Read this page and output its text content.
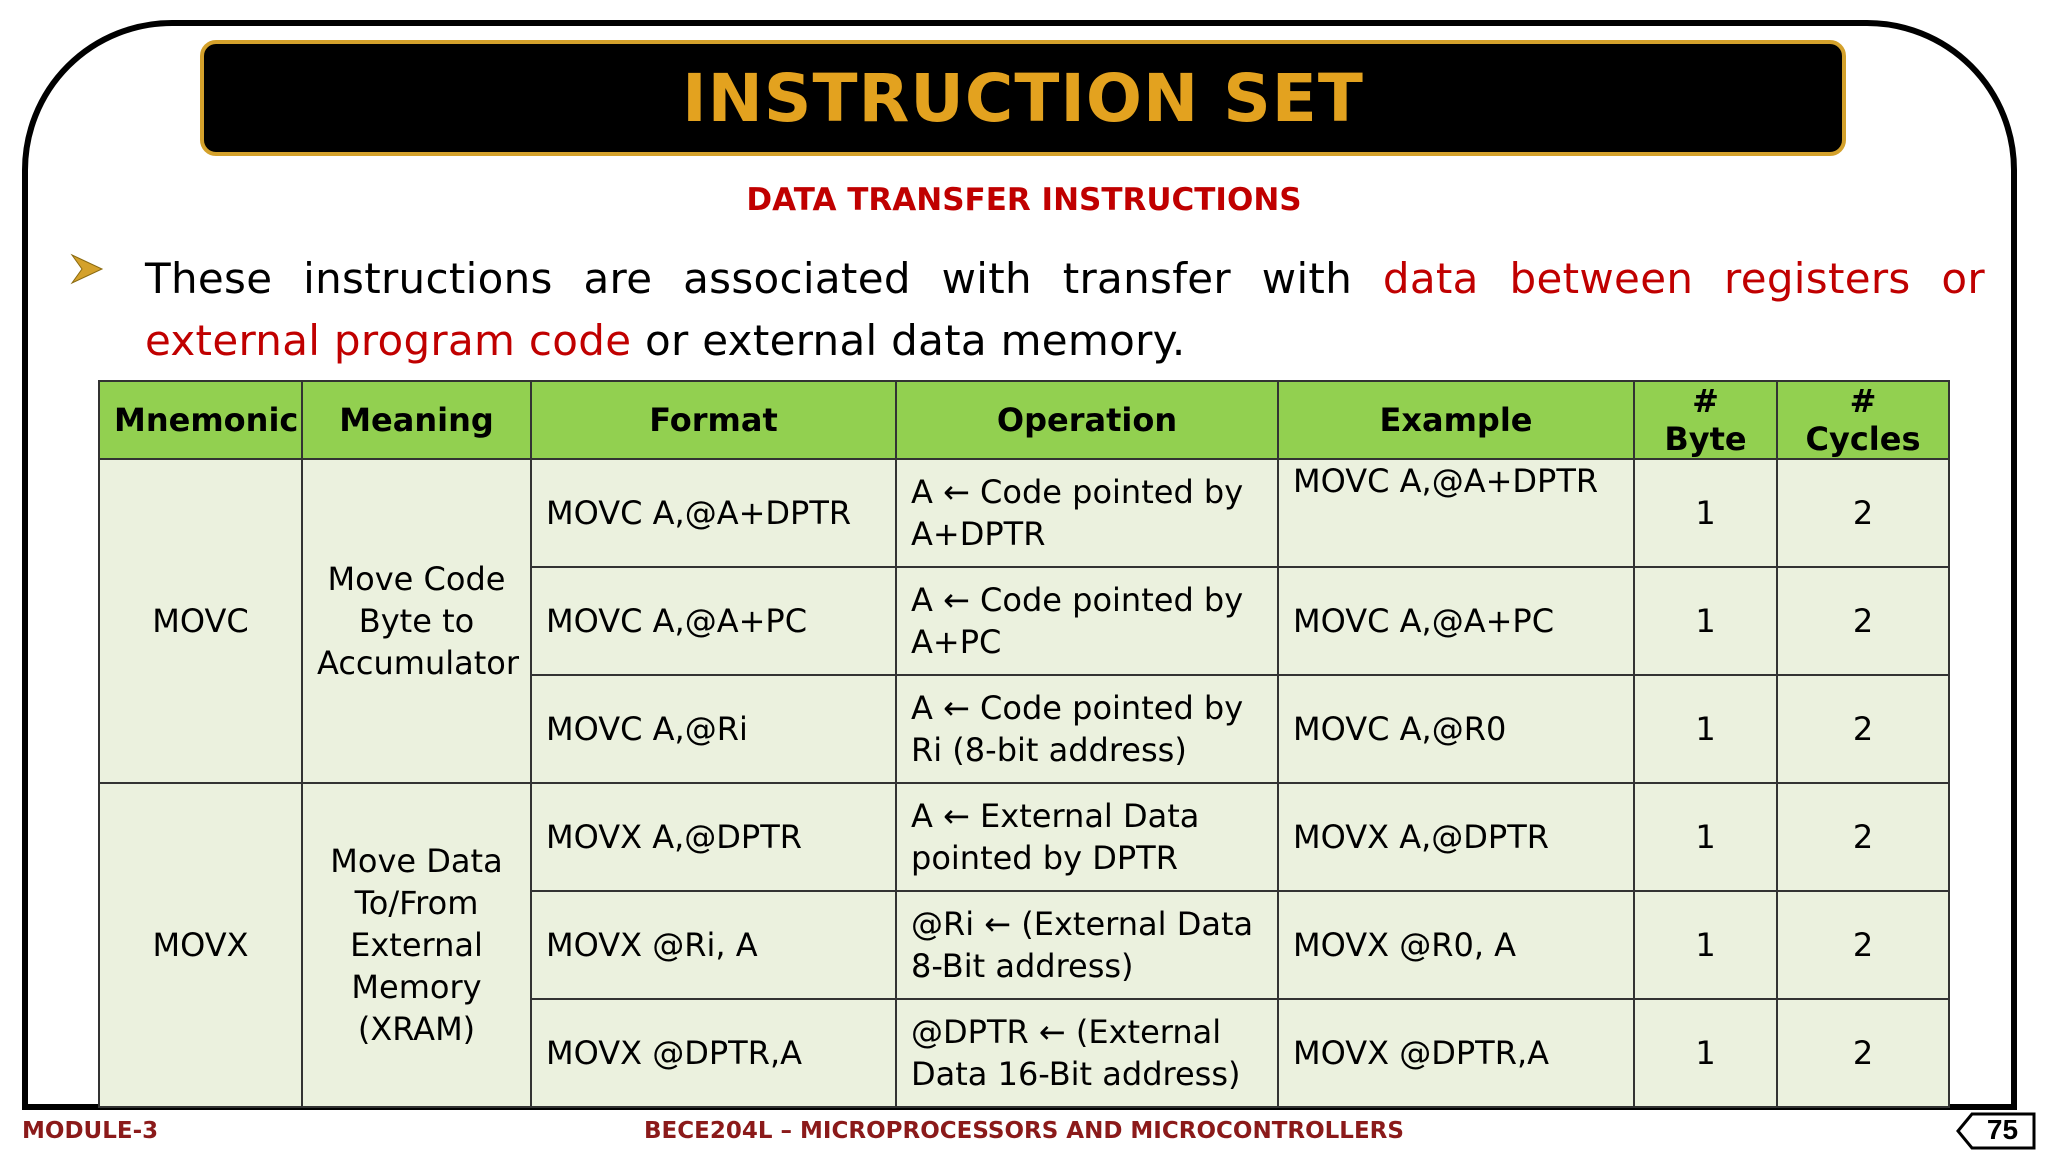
INSTRUCTION SET
DATA TRANSFER INSTRUCTIONS
These instructions are associated with transfer with data between registers or external program code or external data memory.
Mnemonic	Meaning	Format	Operation	Example	# Byte	# Cycles
MOVC	Move Code Byte to Accumulator	MOVC A,@A+DPTR	A ← Code pointed by A+DPTR	MOVC A,@A+DPTR	1	2
		MOVC A,@A+PC	A ← Code pointed by A+PC	MOVC A,@A+PC	1	2
		MOVC A,@Ri	A ← Code pointed by Ri (8-bit address)	MOVC A,@R0	1	2
MOVX	Move Data To/From External Memory (XRAM)	MOVX A,@DPTR	A ← External Data pointed by DPTR	MOVX A,@DPTR	1	2
		MOVX @Ri, A	@Ri ← (External Data 8-Bit address)	MOVX @R0, A	1	2
		MOVX @DPTR,A	@DPTR ← (External Data 16-Bit address)	MOVX @DPTR,A	1	2
MODULE-3	BECE204L – MICROPROCESSORS AND MICROCONTROLLERS	75
